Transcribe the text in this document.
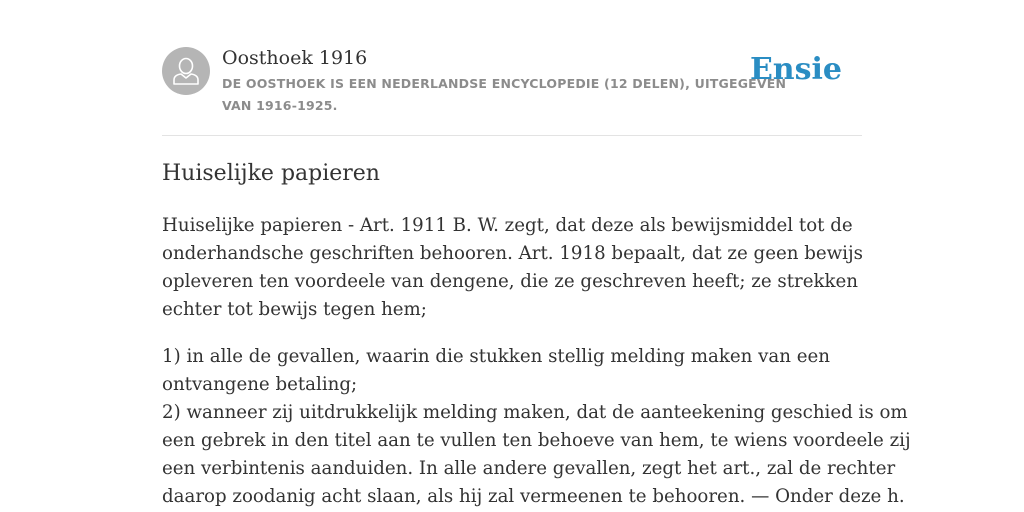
Oosthoek 1916
DE OOSTHOEK IS EEN NEDERLANDSE ENCYCLOPEDIE (12 DELEN), UITGEGEVEN
VAN 1916-1925.
Ensie
Huiselijke papieren

Huiselijke papieren - Art. 1911 B. W. zegt, dat deze als bewijsmiddel tot de
onderhandsche geschriften behooren. Art. 1918 bepaalt, dat ze geen bewijs
opleveren ten voordeele van dengene, die ze geschreven heeft; ze strekken
echter tot bewijs tegen hem;

1) in alle de gevallen, waarin die stukken stellig melding maken van een
ontvangene betaling;
2) wanneer zij uitdrukkelijk melding maken, dat de aanteekening geschied is om
een gebrek in den titel aan te vullen ten behoeve van hem, te wiens voordeele zij
een verbintenis aanduiden. In alle andere gevallen, zegt het art., zal de rechter
daarop zoodanig acht slaan, als hij zal vermeenen te behooren. — Onder deze h.
